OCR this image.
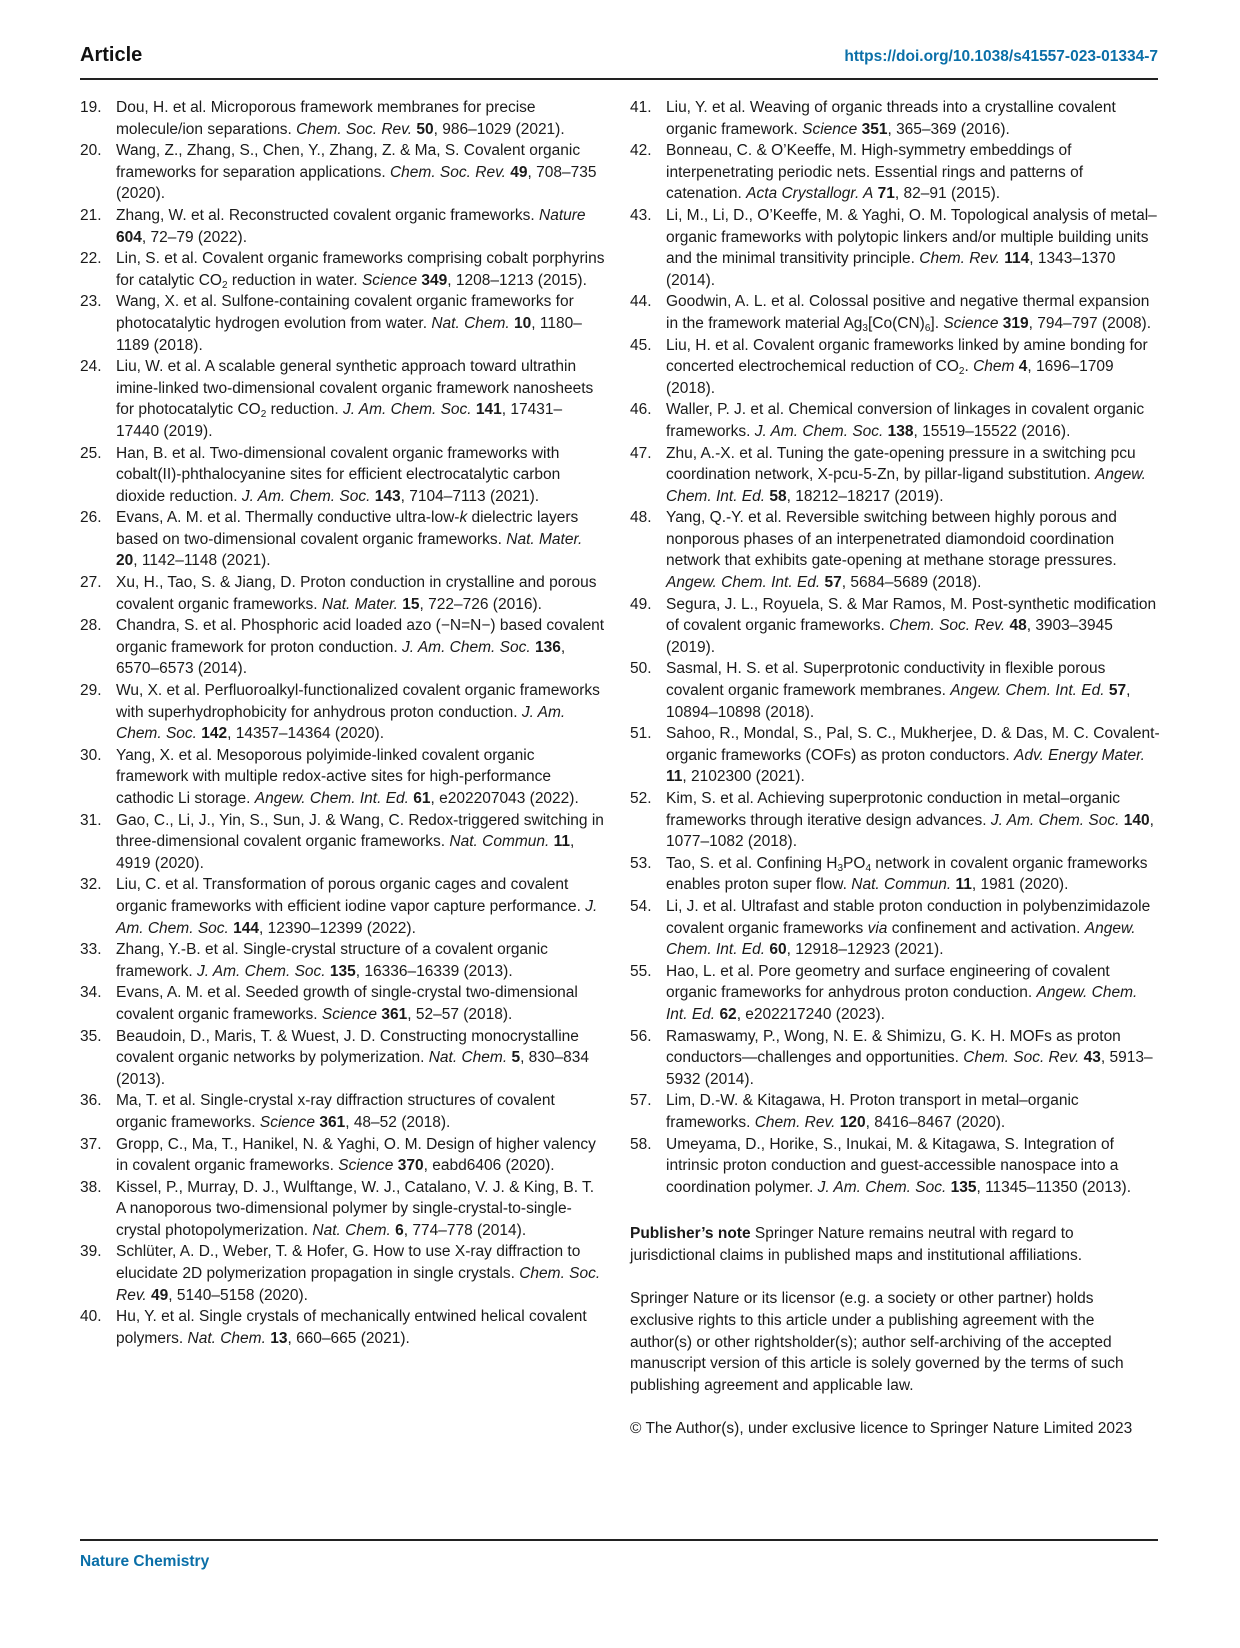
Article	https://doi.org/10.1038/s41557-023-01334-7

19. Dou, H. et al. Microporous framework membranes for precise molecule/ion separations. Chem. Soc. Rev. 50, 986–1029 (2021).

20. Wang, Z., Zhang, S., Chen, Y., Zhang, Z. & Ma, S. Covalent organic frameworks for separation applications. Chem. Soc. Rev. 49, 708–735 (2020).

21. Zhang, W. et al. Reconstructed covalent organic frameworks. Nature 604, 72–79 (2022).

22. Lin, S. et al. Covalent organic frameworks comprising cobalt porphyrins for catalytic $CO_2$ reduction in water. Science 349, 1208–1213 (2015).

23. Wang, X. et al. Sulfone-containing covalent organic frameworks for photocatalytic hydrogen evolution from water. Nat. Chem. 10, 1180–1189 (2018).

24. Liu, W. et al. A scalable general synthetic approach toward ultrathin imine-linked two-dimensional covalent organic framework nanosheets for photocatalytic $CO_2$ reduction. J. Am. Chem. Soc. 141, 17431–17440 (2019).

25. Han, B. et al. Two-dimensional covalent organic frameworks with cobalt(II)-phthalocyanine sites for efficient electrocatalytic carbon dioxide reduction. J. Am. Chem. Soc. 143, 7104–7113 (2021).

26. Evans, A. M. et al. Thermally conductive ultra-low-k dielectric layers based on two-dimensional covalent organic frameworks. Nat. Mater. 20, 1142–1148 (2021).

27. Xu, H., Tao, S. & Jiang, D. Proton conduction in crystalline and porous covalent organic frameworks. Nat. Mater. 15, 722–726 (2016).

28. Chandra, S. et al. Phosphoric acid loaded azo (−N=N−) based covalent organic framework for proton conduction. J. Am. Chem. Soc. 136, 6570–6573 (2014).

29. Wu, X. et al. Perfluoroalkyl-functionalized covalent organic frameworks with superhydrophobicity for anhydrous proton conduction. J. Am. Chem. Soc. 142, 14357–14364 (2020).

30. Yang, X. et al. Mesoporous polyimide-linked covalent organic framework with multiple redox-active sites for high-performance cathodic Li storage. Angew. Chem. Int. Ed. 61, e202207043 (2022).

31. Gao, C., Li, J., Yin, S., Sun, J. & Wang, C. Redox-triggered switching in three-dimensional covalent organic frameworks. Nat. Commun. 11, 4919 (2020).

32. Liu, C. et al. Transformation of porous organic cages and covalent organic frameworks with efficient iodine vapor capture performance. J. Am. Chem. Soc. 144, 12390–12399 (2022).

33. Zhang, Y.-B. et al. Single-crystal structure of a covalent organic framework. J. Am. Chem. Soc. 135, 16336–16339 (2013).

34. Evans, A. M. et al. Seeded growth of single-crystal two-dimensional covalent organic frameworks. Science 361, 52–57 (2018).

35. Beaudoin, D., Maris, T. & Wuest, J. D. Constructing monocrystalline covalent organic networks by polymerization. Nat. Chem. 5, 830–834 (2013).

36. Ma, T. et al. Single-crystal x-ray diffraction structures of covalent organic frameworks. Science 361, 48–52 (2018).

37. Gropp, C., Ma, T., Hanikel, N. & Yaghi, O. M. Design of higher valency in covalent organic frameworks. Science 370, eabd6406 (2020).

38. Kissel, P., Murray, D. J., Wulftange, W. J., Catalano, V. J. & King, B. T. A nanoporous two-dimensional polymer by single-crystal-to-single-crystal photopolymerization. Nat. Chem. 6, 774–778 (2014).

39. Schlüter, A. D., Weber, T. & Hofer, G. How to use X-ray diffraction to elucidate 2D polymerization propagation in single crystals. Chem. Soc. Rev. 49, 5140–5158 (2020).

40. Hu, Y. et al. Single crystals of mechanically entwined helical covalent polymers. Nat. Chem. 13, 660–665 (2021).

41. Liu, Y. et al. Weaving of organic threads into a crystalline covalent organic framework. Science 351, 365–369 (2016).

42. Bonneau, C. & O’Keeffe, M. High-symmetry embeddings of interpenetrating periodic nets. Essential rings and patterns of catenation. Acta Crystallogr. A 71, 82–91 (2015).

43. Li, M., Li, D., O’Keeffe, M. & Yaghi, O. M. Topological analysis of metal–organic frameworks with polytopic linkers and/or multiple building units and the minimal transitivity principle. Chem. Rev. 114, 1343–1370 (2014).

44. Goodwin, A. L. et al. Colossal positive and negative thermal expansion in the framework material $Ag_3[Co(CN)_6]$. Science 319, 794–797 (2008).

45. Liu, H. et al. Covalent organic frameworks linked by amine bonding for concerted electrochemical reduction of $CO_2$. Chem 4, 1696–1709 (2018).

46. Waller, P. J. et al. Chemical conversion of linkages in covalent organic frameworks. J. Am. Chem. Soc. 138, 15519–15522 (2016).

47. Zhu, A.-X. et al. Tuning the gate-opening pressure in a switching pcu coordination network, X-pcu-5-Zn, by pillar-ligand substitution. Angew. Chem. Int. Ed. 58, 18212–18217 (2019).

48. Yang, Q.-Y. et al. Reversible switching between highly porous and nonporous phases of an interpenetrated diamondoid coordination network that exhibits gate-opening at methane storage pressures. Angew. Chem. Int. Ed. 57, 5684–5689 (2018).

49. Segura, J. L., Royuela, S. & Mar Ramos, M. Post-synthetic modification of covalent organic frameworks. Chem. Soc. Rev. 48, 3903–3945 (2019).

50. Sasmal, H. S. et al. Superprotonic conductivity in flexible porous covalent organic framework membranes. Angew. Chem. Int. Ed. 57, 10894–10898 (2018).

51. Sahoo, R., Mondal, S., Pal, S. C., Mukherjee, D. & Das, M. C. Covalent-organic frameworks (COFs) as proton conductors. Adv. Energy Mater. 11, 2102300 (2021).

52. Kim, S. et al. Achieving superprotonic conduction in metal–organic frameworks through iterative design advances. J. Am. Chem. Soc. 140, 1077–1082 (2018).

53. Tao, S. et al. Confining $H_3PO_4$ network in covalent organic frameworks enables proton super flow. Nat. Commun. 11, 1981 (2020).

54. Li, J. et al. Ultrafast and stable proton conduction in polybenzimidazole covalent organic frameworks via confinement and activation. Angew. Chem. Int. Ed. 60, 12918–12923 (2021).

55. Hao, L. et al. Pore geometry and surface engineering of covalent organic frameworks for anhydrous proton conduction. Angew. Chem. Int. Ed. 62, e202217240 (2023).

56. Ramaswamy, P., Wong, N. E. & Shimizu, G. K. H. MOFs as proton conductors—challenges and opportunities. Chem. Soc. Rev. 43, 5913–5932 (2014).

57. Lim, D.-W. & Kitagawa, H. Proton transport in metal–organic frameworks. Chem. Rev. 120, 8416–8467 (2020).

58. Umeyama, D., Horike, S., Inukai, M. & Kitagawa, S. Integration of intrinsic proton conduction and guest-accessible nanospace into a coordination polymer. J. Am. Chem. Soc. 135, 11345–11350 (2013).

Publisher’s note Springer Nature remains neutral with regard to jurisdictional claims in published maps and institutional affiliations.

Springer Nature or its licensor (e.g. a society or other partner) holds exclusive rights to this article under a publishing agreement with the author(s) or other rightsholder(s); author self-archiving of the accepted manuscript version of this article is solely governed by the terms of such publishing agreement and applicable law.

© The Author(s), under exclusive licence to Springer Nature Limited 2023

Nature Chemistry
